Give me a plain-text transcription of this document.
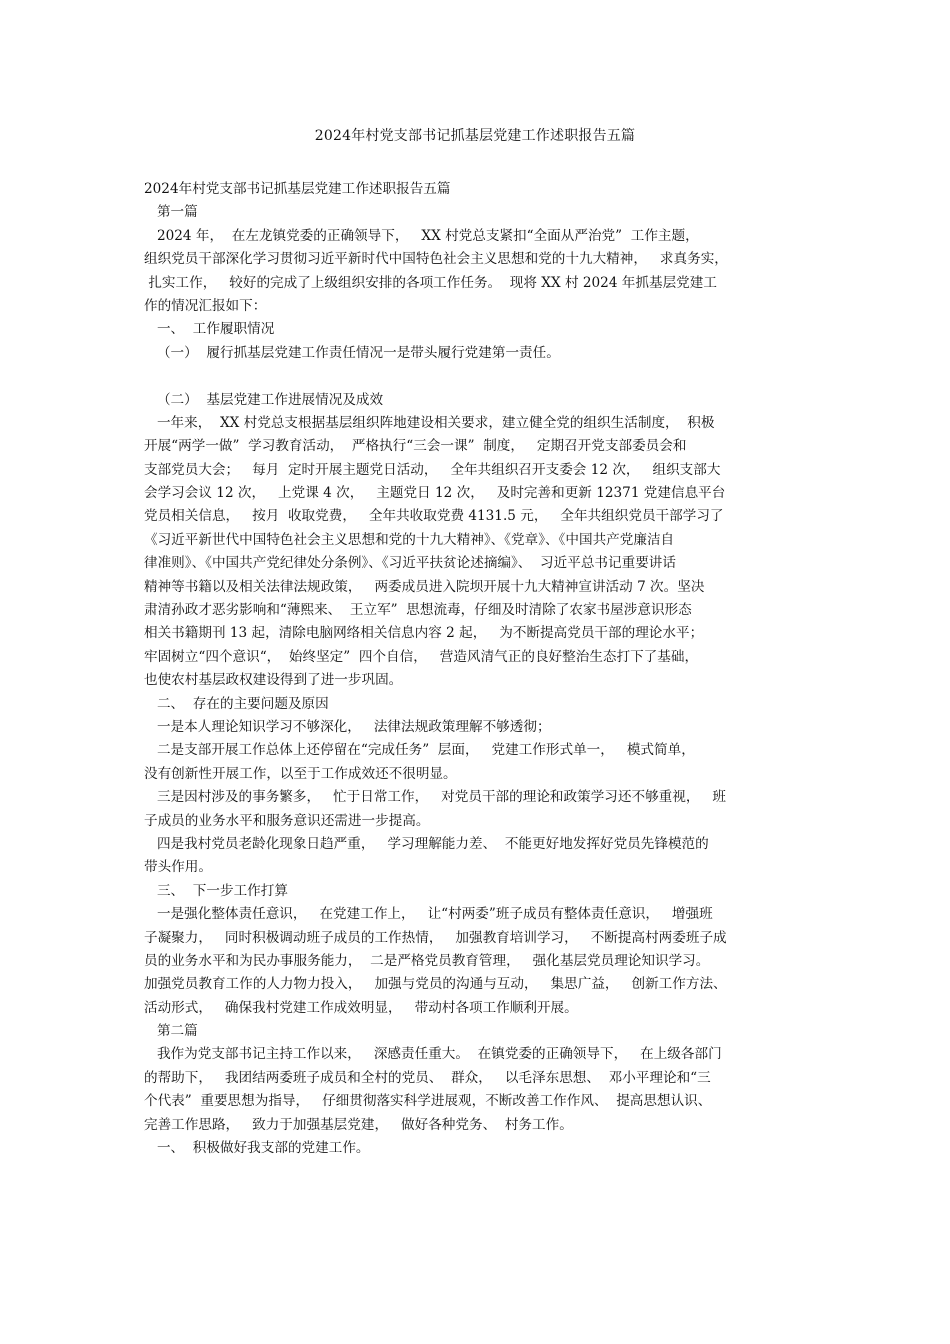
2024年村党支部书记抓基层党建工作述职报告五篇
2024年村党支部书记抓基层党建工作述职报告五篇
第一篇
2024 年，  在左龙镇党委的正确领导下，   XX 村党总支紧扣“全面从严治党”  工作主题，
组织党员干部深化学习贯彻习近平新时代中国特色社会主义思想和党的十九大精神，   求真务实，
扎实工作，   较好的完成了上级组织安排的各项工作任务。  现将 XX 村 2024 年抓基层党建工
作的情况汇报如下：
一、  工作履职情况
（一）  履行抓基层党建工作责任情况一是带头履行党建第一责任。
（二）  基层党建工作进展情况及成效
一年来，  XX 村党总支根据基层组织阵地建设相关要求，建立健全党的组织生活制度，  积极
开展“两学一做”  学习教育活动，  严格执行“三会一课”  制度，   定期召开党支部委员会和
支部党员大会；   每月  定时开展主题党日活动，   全年共组织召开支委会 12 次，   组织支部大
会学习会议 12 次，   上党课 4 次，   主题党日 12 次，   及时完善和更新 12371 党建信息平台
党员相关信息，   按月  收取党费，   全年共收取党费 4131.5 元，   全年共组织党员干部学习了
《习近平新世代中国特色社会主义思想和党的十九大精神》、《党章》、《中国共产党廉洁自
律准则》、《中国共产党纪律处分条例》、《习近平扶贫论述摘编》、  习近平总书记重要讲话
精神等书籍以及相关法律法规政策，   两委成员进入院坝开展十九大精神宣讲活动 7 次。坚决
肃清孙政才恶劣影响和“薄熙来、  王立军”  思想流毒，仔细及时清除了农家书屋涉意识形态
相关书籍期刊 13 起，清除电脑网络相关信息内容 2 起，   为不断提高党员干部的理论水平；
牢固树立“四个意识“，  始终坚定”  四个自信，   营造风清气正的良好整治生态打下了基础，
也使农村基层政权建设得到了进一步巩固。
二、  存在的主要问题及原因
一是本人理论知识学习不够深化，   法律法规政策理解不够透彻；
二是支部开展工作总体上还停留在“完成任务”  层面，   党建工作形式单一，   模式简单，
没有创新性开展工作，以至于工作成效还不很明显。
三是因村涉及的事务繁多，   忙于日常工作，   对党员干部的理论和政策学习还不够重视，   班
子成员的业务水平和服务意识还需进一步提高。
四是我村党员老龄化现象日趋严重，   学习理解能力差、  不能更好地发挥好党员先锋模范的
带头作用。
三、  下一步工作打算
一是强化整体责任意识，   在党建工作上，   让“村两委”班子成员有整体责任意识，   增强班
子凝聚力，   同时积极调动班子成员的工作热情，   加强教育培训学习，   不断提高村两委班子成
员的业务水平和为民办事服务能力，  二是严格党员教育管理，   强化基层党员理论知识学习。
加强党员教育工作的人力物力投入，   加强与党员的沟通与互动，   集思广益，   创新工作方法、
活动形式，   确保我村党建工作成效明显，   带动村各项工作顺利开展。
第二篇
我作为党支部书记主持工作以来，   深感责任重大。  在镇党委的正确领导下，   在上级各部门
的帮助下，   我团结两委班子成员和全村的党员、  群众，   以毛泽东思想、  邓小平理论和“三
个代表”  重要思想为指导，   仔细贯彻落实科学进展观，不断改善工作作风、  提高思想认识、
完善工作思路，   致力于加强基层党建，   做好各种党务、  村务工作。
一、  积极做好我支部的党建工作。
